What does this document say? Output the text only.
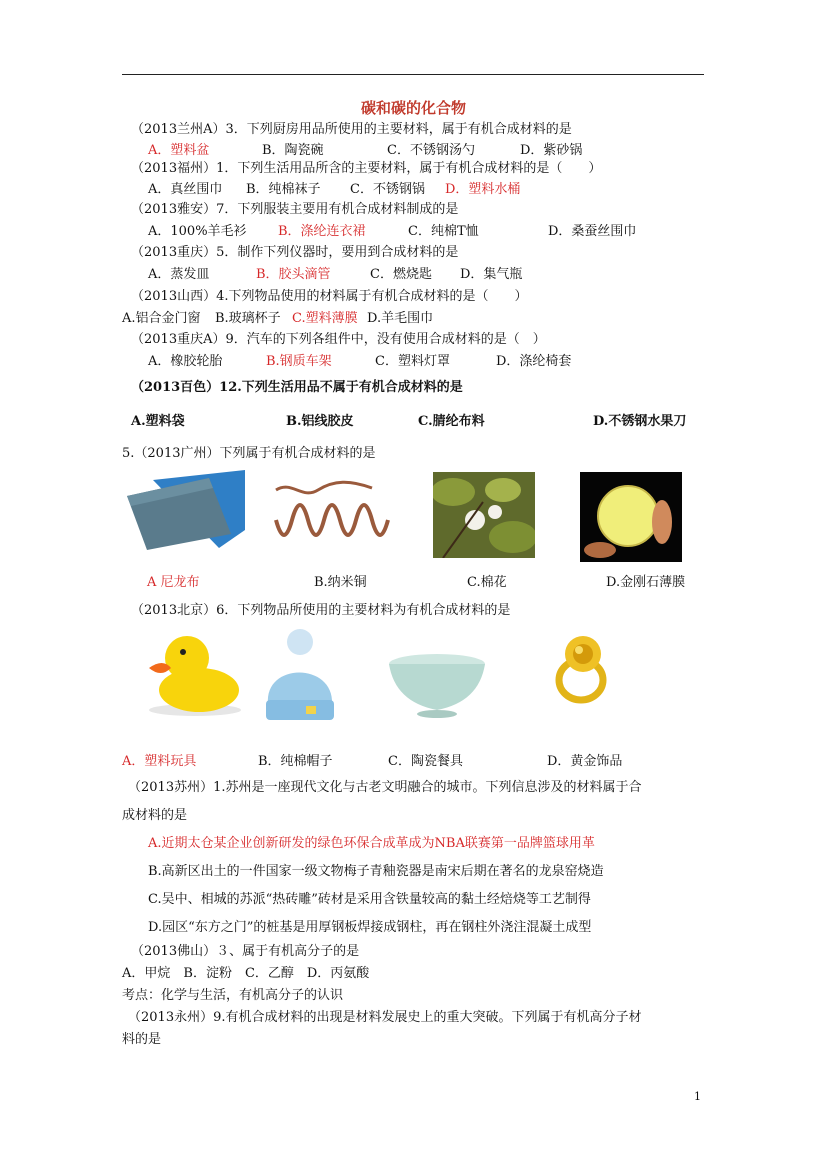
碳和碳的化合物
（2013兰州A）3．下列厨房用品所使用的主要材料，属于有机合成材料的是
A．塑料盆	B．陶瓷碗	C．不锈钢汤勺	D．紫砂锅
（2013福州）1．下列生活用品所含的主要材料，属于有机合成材料的是（　　）
A．真丝围巾 B．纯棉袜子 C．不锈钢锅 D．塑料水桶
（2013雅安）7．下列服装主要用有机合成材料制成的是
A．100%羊毛衫 B．涤纶连衣裙	C．纯棉T恤	D．桑蚕丝围巾
（2013重庆）5．制作下列仪器时，要用到合成材料的是
A．蒸发皿	B．胶头滴管	C．燃烧匙 D．集气瓶
（2013山西）4.下列物品使用的材料属于有机合成材料的是（　　）
A.铝合金门窗 B.玻璃杯子 C.塑料薄膜 D.羊毛围巾
（2013重庆A）9．汽车的下列各组件中，没有使用合成材料的是（　）
A．橡胶轮胎	B.钢质车架	C．塑料灯罩	D．涤纶椅套
（2013百色）12.下列生活用品不属于有机合成材料的是
A.塑料袋	B.铝线胶皮	C.腈纶布料	D.不锈钢水果刀
5.（2013广州）下列属于有机合成材料的是
A 尼龙布	B.纳米铜	C.棉花	D.金刚石薄膜
（2013北京）6．下列物品所使用的主要材料为有机合成材料的是
A．塑料玩具	B．纯棉帽子	C．陶瓷餐具	D．黄金饰品
（2013苏州）1.苏州是一座现代文化与古老文明融合的城市。下列信息涉及的材料属于合
成材料的是
A.近期太仓某企业创新研发的绿色环保合成革成为NBA联赛第一品牌篮球用革
B.高新区出土的一件国家一级文物梅子青釉瓷器是南宋后期在著名的龙泉窑烧造
C.吴中、相城的苏派“热砖雕”砖材是采用含铁量较高的黏土经焙烧等工艺制得
D.园区“东方之门”的桩基是用厚钢板焊接成钢柱，再在钢柱外浇注混凝土成型
（2013佛山）３、属于有机高分子的是
A．甲烷　B．淀粉　C．乙醇　D．丙氨酸
考点：化学与生活，有机高分子的认识
（2013永州）9.有机合成材料的出现是材料发展史上的重大突破。下列属于有机高分子材
料的是
1
